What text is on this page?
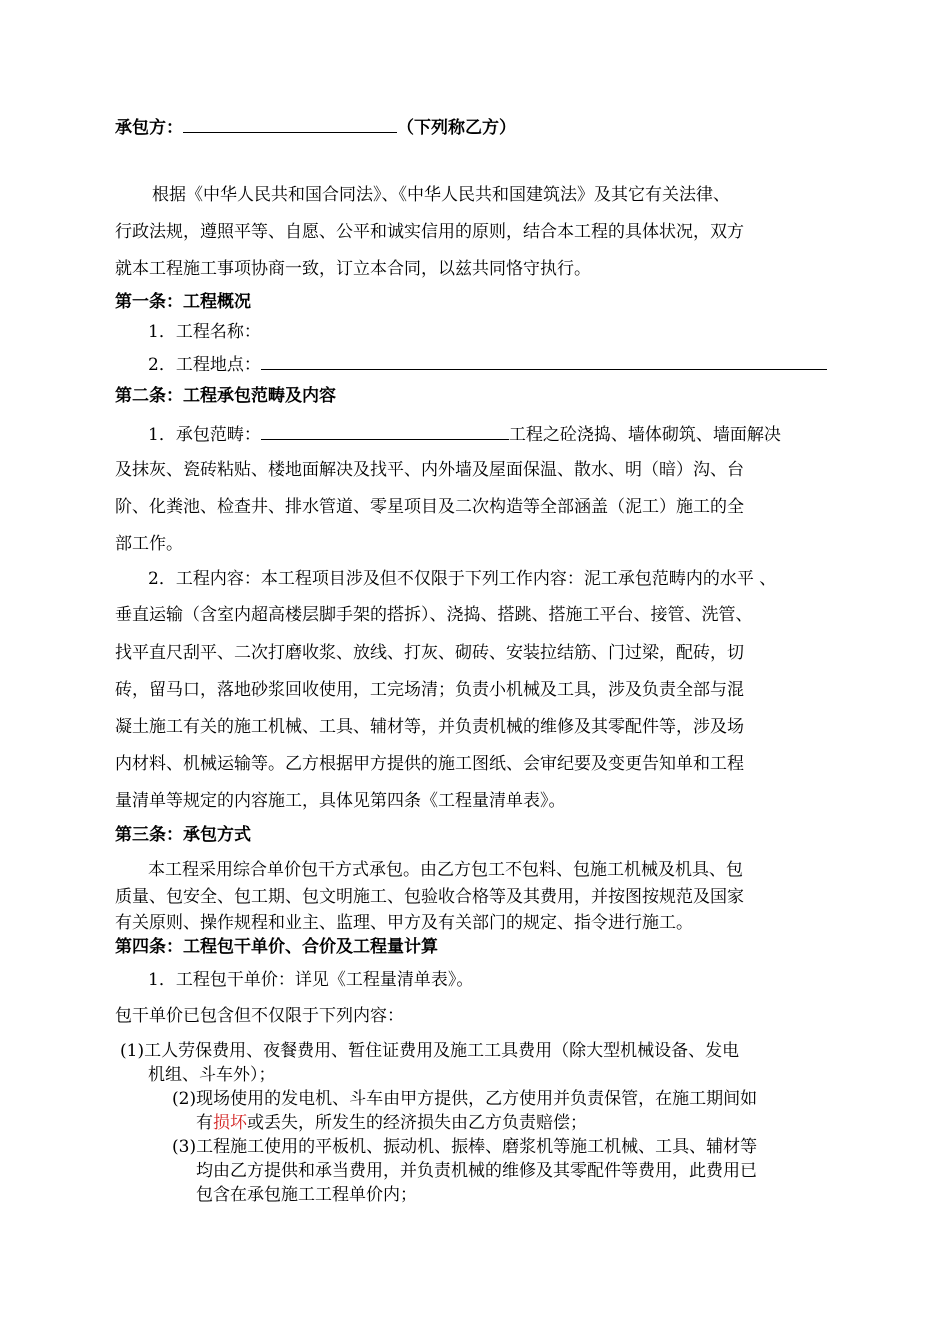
承包方：	（下列称乙方）
根据《中华人民共和国合同法》、《中华人民共和国建筑法》及其它有关法律、
行政法规，遵照平等、自愿、公平和诚实信用的原则，结合本工程的具体状况，双方
就本工程施工事项协商一致，订立本合同，以兹共同恪守执行。
第一条：工程概况
1．工程名称：
2．工程地点：
第二条：工程承包范畴及内容
1．承包范畴：	工程之砼浇捣、墙体砌筑、墙面解决
及抹灰、瓷砖粘贴、楼地面解决及找平、内外墙及屋面保温、散水、明（暗）沟、台
阶、化粪池、检查井、排水管道、零星项目及二次构造等全部涵盖（泥工）施工的全
部工作。
2．工程内容：本工程项目涉及但不仅限于下列工作内容：泥工承包范畴内的水平 、
垂直运输（含室内超高楼层脚手架的搭拆）、浇捣、搭跳、搭施工平台、接管、洗管、
找平直尺刮平、二次打磨收浆、放线、打灰、砌砖、安装拉结筋、门过梁，配砖，切
砖，留马口，落地砂浆回收使用，工完场清；负责小机械及工具，涉及负责全部与混
凝土施工有关的施工机械、工具、辅材等，并负责机械的维修及其零配件等，涉及场
内材料、机械运输等。乙方根据甲方提供的施工图纸、会审纪要及变更告知单和工程
量清单等规定的内容施工，具体见第四条《工程量清单表》。
第三条：承包方式
本工程采用综合单价包干方式承包。由乙方包工不包料、包施工机械及机具、包
质量、包安全、包工期、包文明施工、包验收合格等及其费用，并按图按规范及国家
有关原则、操作规程和业主、监理、甲方及有关部门的规定、指令进行施工。
第四条：工程包干单价、合价及工程量计算
1．工程包干单价：详见《工程量清单表》。
包干单价已包含但不仅限于下列内容：
(1)工人劳保费用、夜餐费用、暂住证费用及施工工具费用（除大型机械设备、发电
机组、斗车外）；
(2)现场使用的发电机、斗车由甲方提供，乙方使用并负责保管，在施工期间如
有损坏或丢失，所发生的经济损失由乙方负责赔偿；
(3)工程施工使用的平板机、振动机、振棒、磨浆机等施工机械、工具、辅材等
均由乙方提供和承当费用，并负责机械的维修及其零配件等费用，此费用已
包含在承包施工工程单价内；
